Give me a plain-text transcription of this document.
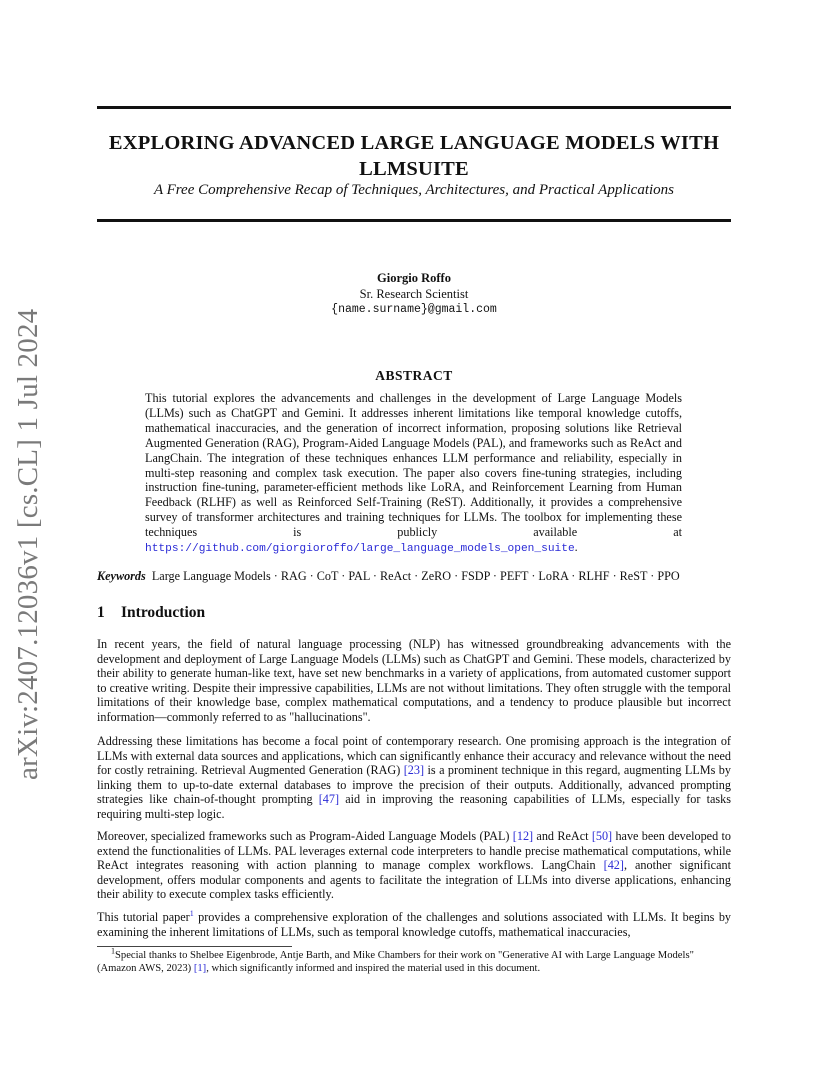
arXiv:2407.12036v1 [cs.CL] 1 Jul 2024
EXPLORING ADVANCED LARGE LANGUAGE MODELS WITH
LLMSUITE
A Free Comprehensive Recap of Techniques, Architectures, and Practical Applications
Giorgio Roffo
Sr. Research Scientist
{name.surname}@gmail.com
ABSTRACT
This tutorial explores the advancements and challenges in the development of Large Language Models (LLMs) such as ChatGPT and Gemini. It addresses inherent limitations like temporal knowledge cutoffs, mathematical inaccuracies, and the generation of incorrect information, proposing solutions like Retrieval Augmented Generation (RAG), Program-Aided Language Models (PAL), and frameworks such as ReAct and LangChain. The integration of these techniques enhances LLM performance and reliability, especially in multi-step reasoning and complex task execution. The paper also covers fine-tuning strategies, including instruction fine-tuning, parameter-efficient methods like LoRA, and Reinforcement Learning from Human Feedback (RLHF) as well as Reinforced Self-Training (ReST). Additionally, it provides a comprehensive survey of transformer architectures and training techniques for LLMs. The toolbox for implementing these techniques is publicly available at https://github.com/giorgioroffo/large_language_models_open_suite.
Keywords Large Language Models · RAG · CoT · PAL · ReAct · ZeRO · FSDP · PEFT · LoRA · RLHF · ReST · PPO
1 Introduction
In recent years, the field of natural language processing (NLP) has witnessed groundbreaking advancements with the development and deployment of Large Language Models (LLMs) such as ChatGPT and Gemini. These models, characterized by their ability to generate human-like text, have set new benchmarks in a variety of applications, from automated customer support to creative writing. Despite their impressive capabilities, LLMs are not without limitations. They often struggle with the temporal limitations of their knowledge base, complex mathematical computations, and a tendency to produce plausible but incorrect information—commonly referred to as "hallucinations".
Addressing these limitations has become a focal point of contemporary research. One promising approach is the integration of LLMs with external data sources and applications, which can significantly enhance their accuracy and relevance without the need for costly retraining. Retrieval Augmented Generation (RAG) [23] is a prominent technique in this regard, augmenting LLMs by linking them to up-to-date external databases to improve the precision of their outputs. Additionally, advanced prompting strategies like chain-of-thought prompting [47] aid in improving the reasoning capabilities of LLMs, especially for tasks requiring multi-step logic.
Moreover, specialized frameworks such as Program-Aided Language Models (PAL) [12] and ReAct [50] have been developed to extend the functionalities of LLMs. PAL leverages external code interpreters to handle precise mathematical computations, while ReAct integrates reasoning with action planning to manage complex workflows. LangChain [42], another significant development, offers modular components and agents to facilitate the integration of LLMs into diverse applications, enhancing their ability to execute complex tasks efficiently.
This tutorial paper$^1$ provides a comprehensive exploration of the challenges and solutions associated with LLMs. It begins by examining the inherent limitations of LLMs, such as temporal knowledge cutoffs, mathematical inaccuracies,
$^1$Special thanks to Shelbee Eigenbrode, Antje Barth, and Mike Chambers for their work on "Generative AI with Large Language Models" (Amazon AWS, 2023) [1], which significantly informed and inspired the material used in this document.
